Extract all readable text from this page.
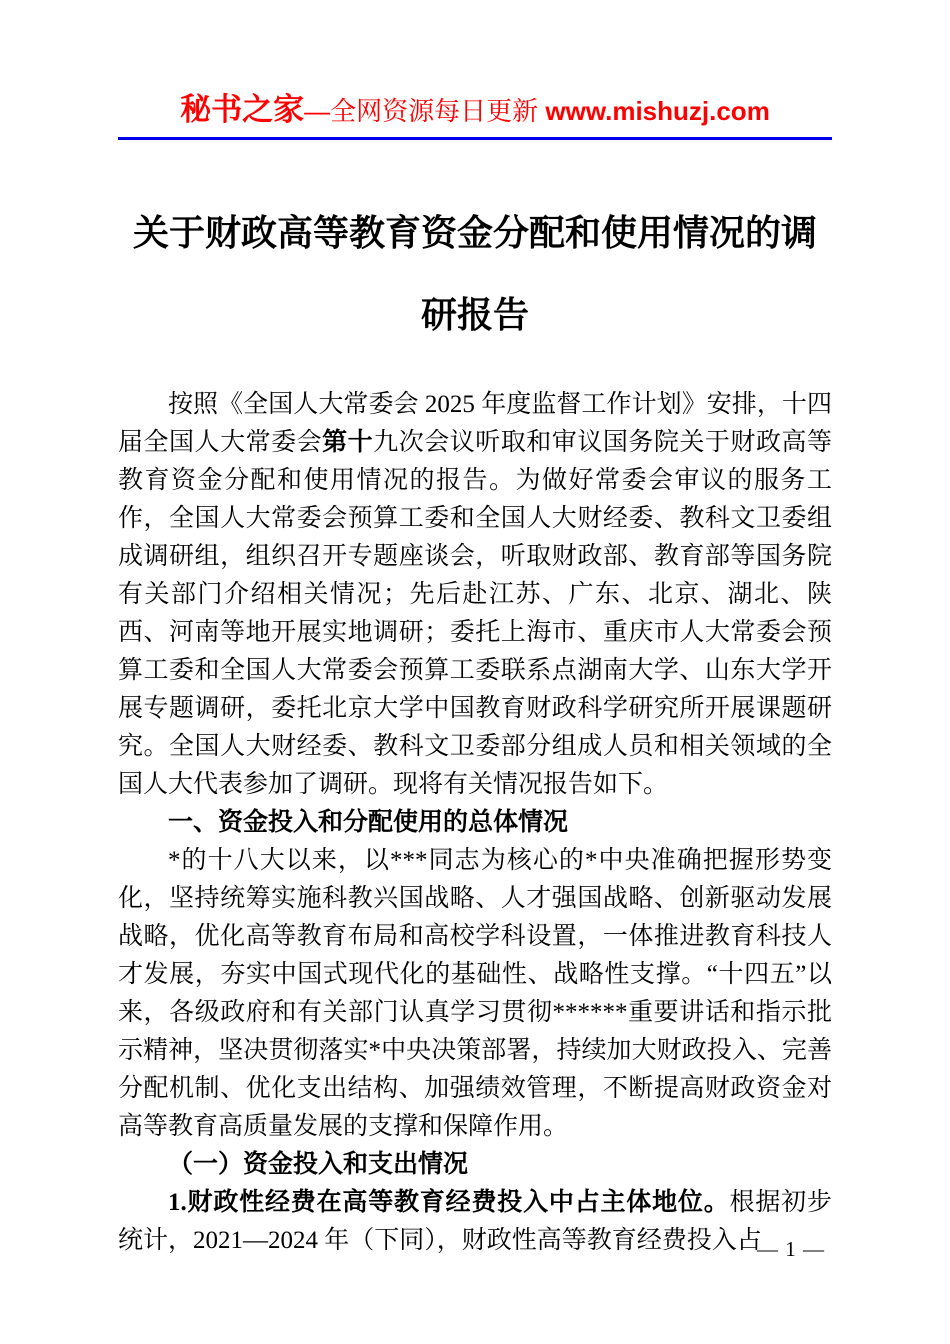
秘书之家—全网资源每日更新 www.mishuzj.com
关于财政高等教育资金分配和使用情况的调
研报告

按照《全国人大常委会 2025 年度监督工作计划》安排，十四届全国人大常委会第十九次会议听取和审议国务院关于财政高等教育资金分配和使用情况的报告。为做好常委会审议的服务工作，全国人大常委会预算工委和全国人大财经委、教科文卫委组成调研组，组织召开专题座谈会，听取财政部、教育部等国务院有关部门介绍相关情况；先后赴江苏、广东、北京、湖北、陕西、河南等地开展实地调研；委托上海市、重庆市人大常委会预算工委和全国人大常委会预算工委联系点湖南大学、山东大学开展专题调研，委托北京大学中国教育财政科学研究所开展课题研究。全国人大财经委、教科文卫委部分组成人员和相关领域的全国人大代表参加了调研。现将有关情况报告如下。

一、资金投入和分配使用的总体情况

*的十八大以来，以***同志为核心的*中央准确把握形势变化，坚持统筹实施科教兴国战略、人才强国战略、创新驱动发展战略，优化高等教育布局和高校学科设置，一体推进教育科技人才发展，夯实中国式现代化的基础性、战略性支撑。“十四五”以来，各级政府和有关部门认真学习贯彻******重要讲话和指示批示精神，坚决贯彻落实*中央决策部署，持续加大财政投入、完善分配机制、优化支出结构、加强绩效管理，不断提高财政资金对高等教育高质量发展的支撑和保障作用。

（一）资金投入和支出情况

1.财政性经费在高等教育经费投入中占主体地位。根据初步统计，2021—2024 年（下同），财政性高等教育经费投入占

— 1 —
